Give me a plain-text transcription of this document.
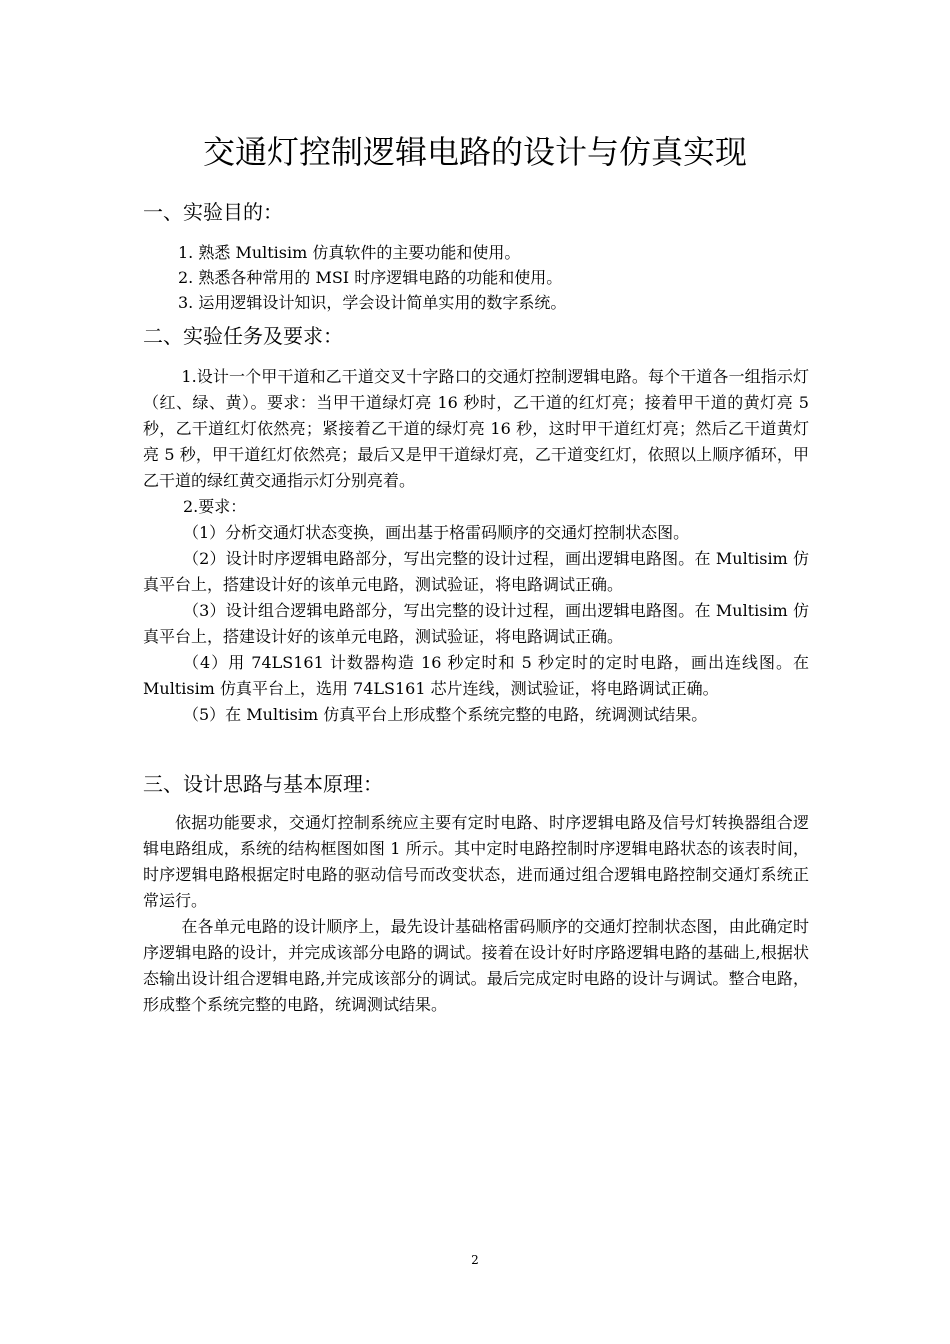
交通灯控制逻辑电路的设计与仿真实现
一、实验目的：
1. 熟悉 Multisim 仿真软件的主要功能和使用。
2. 熟悉各种常用的 MSI 时序逻辑电路的功能和使用。
3. 运用逻辑设计知识，学会设计简单实用的数字系统。
二、实验任务及要求：

1.设计一个甲干道和乙干道交叉十字路口的交通灯控制逻辑电路。每个干道各一组指示灯（红、绿、黄）。要求：当甲干道绿灯亮 16 秒时，乙干道的红灯亮；接着甲干道的黄灯亮 5 秒，乙干道红灯依然亮；紧接着乙干道的绿灯亮 16 秒，这时甲干道红灯亮；然后乙干道黄灯亮 5 秒，甲干道红灯依然亮；最后又是甲干道绿灯亮，乙干道变红灯，依照以上顺序循环，甲乙干道的绿红黄交通指示灯分别亮着。

2.要求：

（1）分析交通灯状态变换，画出基于格雷码顺序的交通灯控制状态图。

（2）设计时序逻辑电路部分，写出完整的设计过程，画出逻辑电路图。在 Multisim 仿真平台上，搭建设计好的该单元电路，测试验证，将电路调试正确。

（3）设计组合逻辑电路部分，写出完整的设计过程，画出逻辑电路图。在 Multisim 仿真平台上，搭建设计好的该单元电路，测试验证，将电路调试正确。

（4）用 74LS161 计数器构造 16 秒定时和 5 秒定时的定时电路，画出连线图。在 Multisim 仿真平台上，选用 74LS161 芯片连线，测试验证，将电路调试正确。

（5）在 Multisim 仿真平台上形成整个系统完整的电路，统调测试结果。

三、设计思路与基本原理：

依据功能要求，交通灯控制系统应主要有定时电路、时序逻辑电路及信号灯转换器组合逻辑电路组成，系统的结构框图如图 1 所示。其中定时电路控制时序逻辑电路状态的该表时间，时序逻辑电路根据定时电路的驱动信号而改变状态，进而通过组合逻辑电路控制交通灯系统正常运行。

在各单元电路的设计顺序上，最先设计基础格雷码顺序的交通灯控制状态图，由此确定时序逻辑电路的设计，并完成该部分电路的调试。接着在设计好时序路逻辑电路的基础上,根据状态输出设计组合逻辑电路,并完成该部分的调试。最后完成定时电路的设计与调试。整合电路，形成整个系统完整的电路，统调测试结果。

2
